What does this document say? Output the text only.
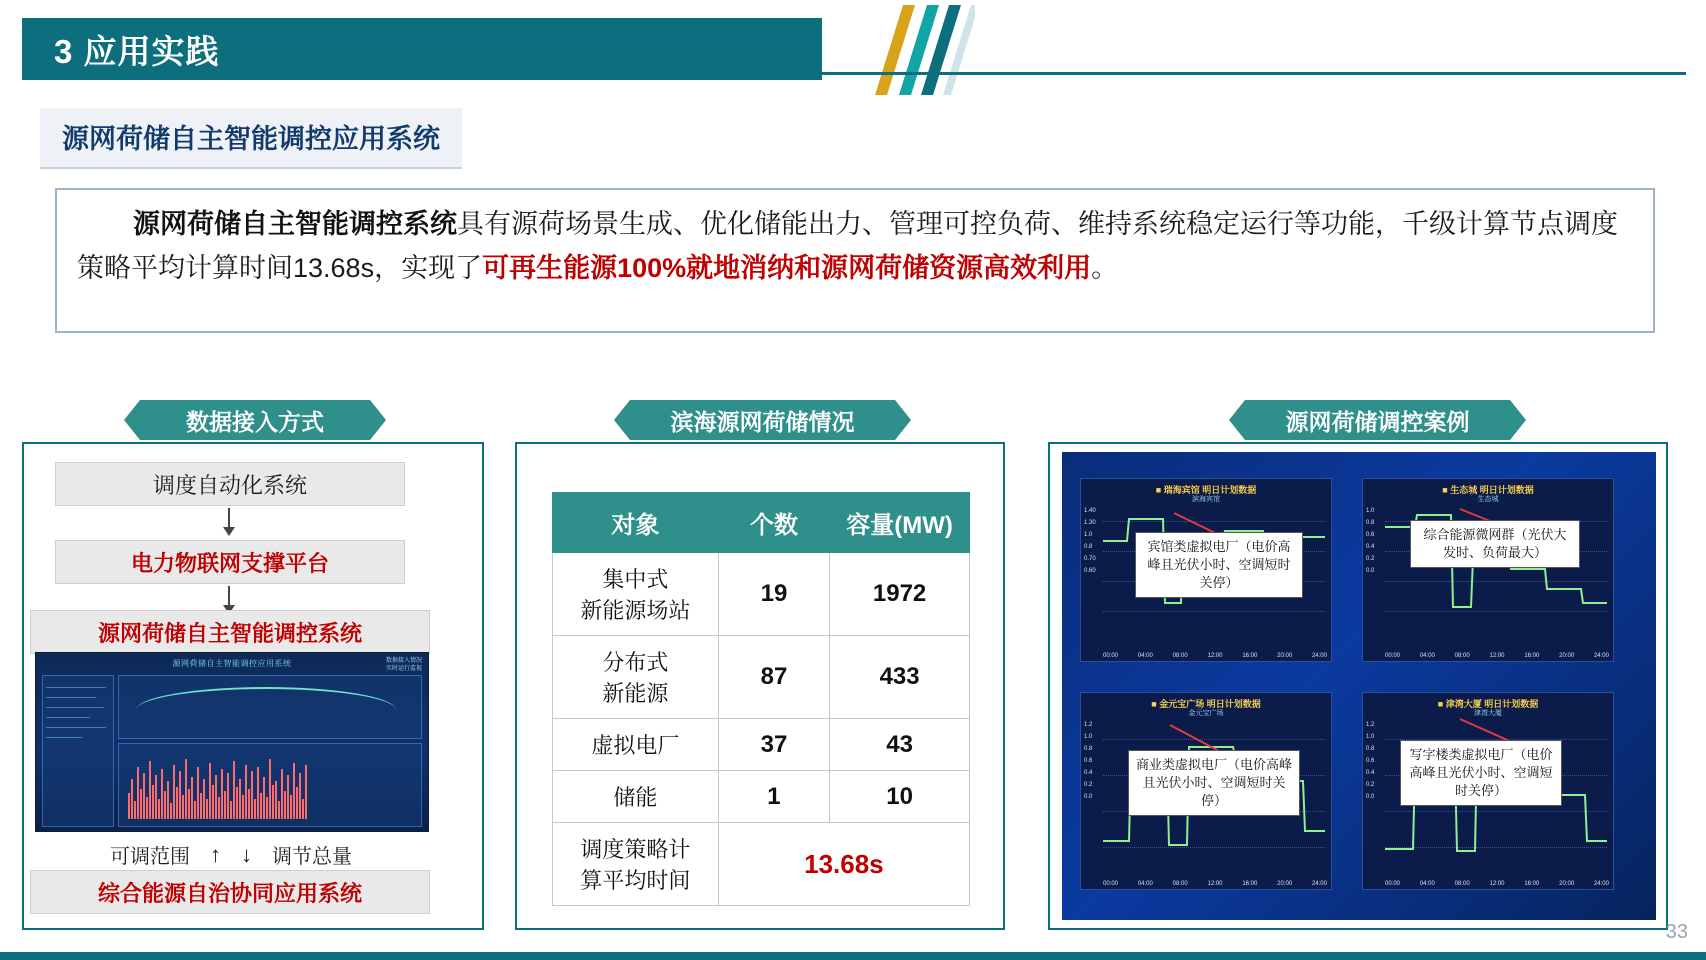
3 应用实践
源网荷储自主智能调控应用系统
源网荷储自主智能调控系统具有源荷场景生成、优化储能出力、管理可控负荷、维持系统稳定运行等功能，千级计算节点调度策略平均计算时间13.68s，实现了可再生能源100%就地消纳和源网荷储资源高效利用。
数据接入方式	滨海源网荷储情况	源网荷储调控案例
调度自动化系统
电力物联网支撑平台
源网荷储自主智能调控系统
源网荷储自主智能调控应用系统	数据接入情况
实时运行监视
可调范围 ↑ ↓ 调节总量
综合能源自治协同应用系统
对象	个数	容量(MW)
集中式
新能源场站	19	1972
分布式
新能源	87	433
虚拟电厂	37	43
储能	1	10
调度策略计
算平均时间	13.68s	
■ 瑞海宾馆 明日计划数据
滨海宾馆
1.40
1.30
1.0
0.8
0.70
0.60
00:00	04:00	08:00	12:00	16:00	20:00	24:00
■ 生态城 明日计划数据
生态城
1.0
0.8
0.6
0.4
0.2
0.0
00:00	04:00	08:00	12:00	16:00	20:00	24:00
■ 金元宝广场 明日计划数据
金元宝广场
1.2
1.0
0.8
0.6
0.4
0.2
0.0
00:00	04:00	08:00	12:00	16:00	20:00	24:00
■ 津湾大厦 明日计划数据
津湾大厦
1.2
1.0
0.8
0.6
0.4
0.2
0.0
00:00	04:00	08:00	12:00	16:00	20:00	24:00
宾馆类虚拟电厂（电价高峰且光伏小时、空调短时关停）
综合能源微网群（光伏大发时、负荷最大）
商业类虚拟电厂（电价高峰且光伏小时、空调短时关停）
写字楼类虚拟电厂（电价高峰且光伏小时、空调短时关停）
33
